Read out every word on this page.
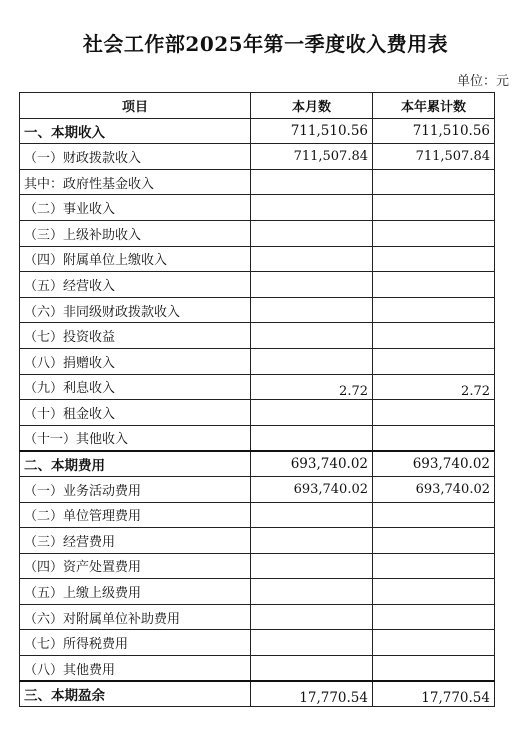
社会工作部2025年第一季度收入费用表
单位：元
项目	本月数	本年累计数
一、本期收入	711,510.56	711,510.56
（一）财政拨款收入	711,507.84	711,507.84
其中：政府性基金收入		
（二）事业收入		
（三）上级补助收入		
（四）附属单位上缴收入		
（五）经营收入		
（六）非同级财政拨款收入		
（七）投资收益		
（八）捐赠收入		
（九）利息收入	2.72	2.72
（十）租金收入		
（十一）其他收入		
二、本期费用	693,740.02	693,740.02
（一）业务活动费用	693,740.02	693,740.02
（二）单位管理费用		
（三）经营费用		
（四）资产处置费用		
（五）上缴上级费用		
（六）对附属单位补助费用		
（七）所得税费用		
（八）其他费用		
三、本期盈余	17,770.54	17,770.54
